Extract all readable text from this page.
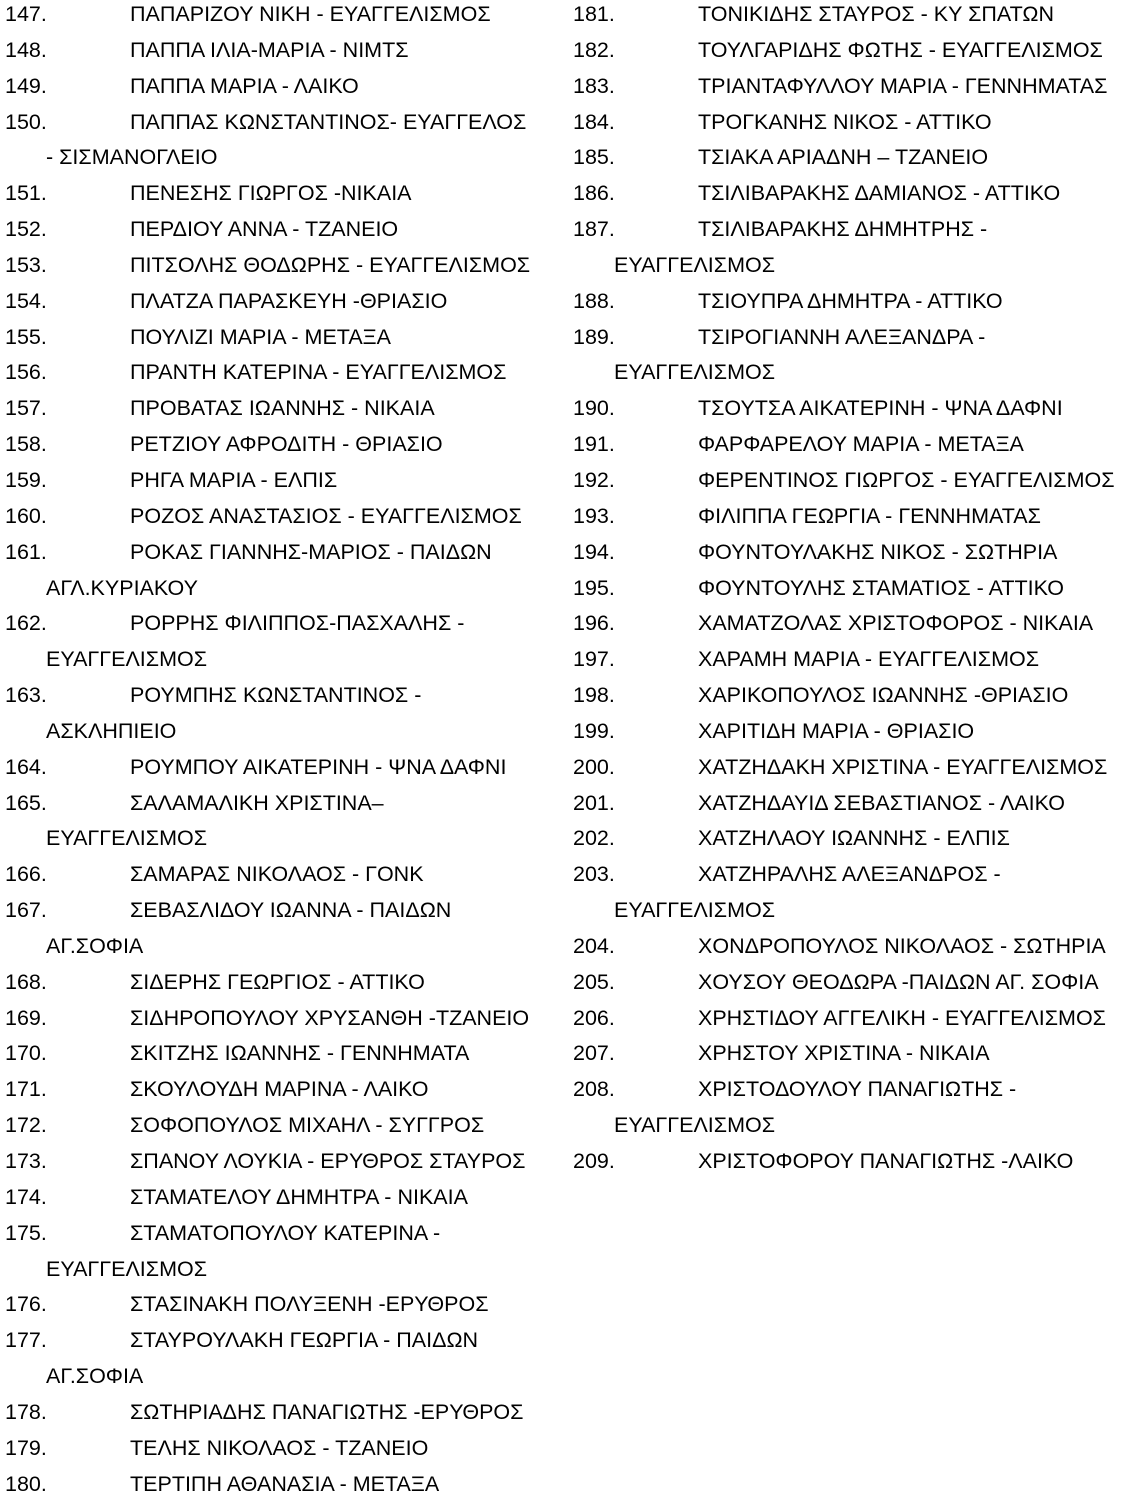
147.	ΠΑΠΑΡΙΖΟΥ ΝΙΚΗ - ΕΥΑΓΓΕΛΙΣΜΟΣ
148.	ΠΑΠΠΑ ΙΛΙΑ-ΜΑΡΙΑ - ΝΙΜΤΣ
149.	ΠΑΠΠΑ ΜΑΡΙΑ - ΛΑΙΚΟ
150.	ΠΑΠΠΑΣ ΚΩΝΣΤΑΝΤΙΝΟΣ- ΕΥΑΓΓΕΛΟΣ
- ΣΙΣΜΑΝΟΓΛΕΙΟ
151.	ΠΕΝΕΣΗΣ ΓΙΩΡΓΟΣ -ΝΙΚΑΙΑ
152.	ΠΕΡΔΙΟΥ ΑΝΝΑ - ΤΖΑΝΕΙΟ
153.	ΠΙΤΣΟΛΗΣ ΘΟΔΩΡΗΣ - ΕΥΑΓΓΕΛΙΣΜΟΣ
154.	ΠΛΑΤΖΑ ΠΑΡΑΣΚΕΥΗ -ΘΡΙΑΣΙΟ
155.	ΠΟΥΛΙΖΙ ΜΑΡΙΑ - ΜΕΤΑΞΑ
156.	ΠΡΑΝΤΗ ΚΑΤΕΡΙΝΑ - ΕΥΑΓΓΕΛΙΣΜΟΣ
157.	ΠΡΟΒΑΤΑΣ ΙΩΑΝΝΗΣ - ΝΙΚΑΙΑ
158.	ΡΕΤΖΙΟΥ ΑΦΡΟΔΙΤΗ - ΘΡΙΑΣΙΟ
159.	ΡΗΓΑ ΜΑΡΙΑ - ΕΛΠΙΣ
160.	ΡΟΖΟΣ ΑΝΑΣΤΑΣΙΟΣ - ΕΥΑΓΓΕΛΙΣΜΟΣ
161.	ΡΟΚΑΣ ΓΙΑΝΝΗΣ-ΜΑΡΙΟΣ - ΠΑΙΔΩΝ
ΑΓΛ.ΚΥΡΙΑΚΟΥ
162.	ΡΟΡΡΗΣ ΦΙΛΙΠΠΟΣ-ΠΑΣΧΑΛΗΣ -
ΕΥΑΓΓΕΛΙΣΜΟΣ
163.	ΡΟΥΜΠΗΣ ΚΩΝΣΤΑΝΤΙΝΟΣ -
ΑΣΚΛΗΠΙΕΙΟ
164.	ΡΟΥΜΠΟΥ ΑΙΚΑΤΕΡΙΝΗ - ΨΝΑ ΔΑΦΝΙ
165.	ΣΑΛΑΜΑΛΙΚΗ ΧΡΙΣΤΙΝΑ–
ΕΥΑΓΓΕΛΙΣΜΟΣ
166.	ΣΑΜΑΡΑΣ ΝΙΚΟΛΑΟΣ - ΓΟΝΚ
167.	ΣΕΒΑΣΛΙΔΟΥ ΙΩΑΝΝΑ - ΠΑΙΔΩΝ
ΑΓ.ΣΟΦΙΑ
168.	ΣΙΔΕΡΗΣ ΓΕΩΡΓΙΟΣ - ΑΤΤΙΚΟ
169.	ΣΙΔΗΡΟΠΟΥΛΟΥ ΧΡΥΣΑΝΘΗ -ΤΖΑΝΕΙΟ
170.	ΣΚΙΤΖΗΣ ΙΩΑΝΝΗΣ - ΓΕΝΝΗΜΑΤΑ
171.	ΣΚΟΥΛΟΥΔΗ ΜΑΡΙΝΑ - ΛΑΙΚΟ
172.	ΣΟΦΟΠΟΥΛΟΣ ΜΙΧΑΗΛ - ΣΥΓΓΡΟΣ
173.	ΣΠΑΝΟΥ ΛΟΥΚΙΑ - ΕΡΥΘΡΟΣ ΣΤΑΥΡΟΣ
174.	ΣΤΑΜΑΤΕΛΟΥ ΔΗΜΗΤΡΑ - ΝΙΚΑΙΑ
175.	ΣΤΑΜΑΤΟΠΟΥΛΟΥ ΚΑΤΕΡΙΝΑ -
ΕΥΑΓΓΕΛΙΣΜΟΣ
176.	ΣΤΑΣΙΝΑΚΗ ΠΟΛΥΞΕΝΗ -ΕΡΥΘΡΟΣ
177.	ΣΤΑΥΡΟΥΛΑΚΗ ΓΕΩΡΓΙΑ - ΠΑΙΔΩΝ
ΑΓ.ΣΟΦΙΑ
178.	ΣΩΤΗΡΙΑΔΗΣ ΠΑΝΑΓΙΩΤΗΣ -ΕΡΥΘΡΟΣ
179.	ΤΕΛΗΣ ΝΙΚΟΛΑΟΣ - ΤΖΑΝΕΙΟ
180.	ΤΕΡΤΙΠΗ ΑΘΑΝΑΣΙΑ - ΜΕΤΑΞΑ
181.	ΤΟΝΙΚΙΔΗΣ ΣΤΑΥΡΟΣ - ΚΥ ΣΠΑΤΩΝ
182.	ΤΟΥΛΓΑΡΙΔΗΣ ΦΩΤΗΣ - ΕΥΑΓΓΕΛΙΣΜΟΣ
183.	ΤΡΙΑΝΤΑΦΥΛΛΟΥ ΜΑΡΙΑ - ΓΕΝΝΗΜΑΤΑΣ
184.	ΤΡΟΓΚΑΝΗΣ ΝΙΚΟΣ - ΑΤΤΙΚΟ
185.	ΤΣΙΑΚΑ ΑΡΙΑΔΝΗ – ΤΖΑΝΕΙΟ
186.	ΤΣΙΛΙΒΑΡΑΚΗΣ ΔΑΜΙΑΝΟΣ - ΑΤΤΙΚΟ
187.	ΤΣΙΛΙΒΑΡΑΚΗΣ ΔΗΜΗΤΡΗΣ -
ΕΥΑΓΓΕΛΙΣΜΟΣ
188.	ΤΣΙΟΥΠΡΑ ΔΗΜΗΤΡΑ - ΑΤΤΙΚΟ
189.	ΤΣΙΡΟΓΙΑΝΝΗ ΑΛΕΞΑΝΔΡΑ -
ΕΥΑΓΓΕΛΙΣΜΟΣ
190.	ΤΣΟΥΤΣΑ ΑΙΚΑΤΕΡΙΝΗ - ΨΝΑ ΔΑΦΝΙ
191.	ΦΑΡΦΑΡΕΛΟΥ ΜΑΡΙΑ - ΜΕΤΑΞΑ
192.	ΦΕΡΕΝΤΙΝΟΣ ΓΙΩΡΓΟΣ - ΕΥΑΓΓΕΛΙΣΜΟΣ
193.	ΦΙΛΙΠΠΑ ΓΕΩΡΓΙΑ - ΓΕΝΝΗΜΑΤΑΣ
194.	ΦΟΥΝΤΟΥΛΑΚΗΣ ΝΙΚΟΣ - ΣΩΤΗΡΙΑ
195.	ΦΟΥΝΤΟΥΛΗΣ ΣΤΑΜΑΤΙΟΣ - ΑΤΤΙΚΟ
196.	ΧΑΜΑΤΖΟΛΑΣ ΧΡΙΣΤΟΦΟΡΟΣ - ΝΙΚΑΙΑ
197.	ΧΑΡΑΜΗ ΜΑΡΙΑ - ΕΥΑΓΓΕΛΙΣΜΟΣ
198.	ΧΑΡΙΚΟΠΟΥΛΟΣ ΙΩΑΝΝΗΣ -ΘΡΙΑΣΙΟ
199.	ΧΑΡΙΤΙΔΗ ΜΑΡΙΑ - ΘΡΙΑΣΙΟ
200.	ΧΑΤΖΗΔΑΚΗ ΧΡΙΣΤΙΝΑ - ΕΥΑΓΓΕΛΙΣΜΟΣ
201.	ΧΑΤΖΗΔΑΥΙΔ ΣΕΒΑΣΤΙΑΝΟΣ - ΛΑΙΚΟ
202.	ΧΑΤΖΗΛΑΟΥ ΙΩΑΝΝΗΣ - ΕΛΠΙΣ
203.	ΧΑΤΖΗΡΑΛΗΣ ΑΛΕΞΑΝΔΡΟΣ -
ΕΥΑΓΓΕΛΙΣΜΟΣ
204.	ΧΟΝΔΡΟΠΟΥΛΟΣ ΝΙΚΟΛΑΟΣ - ΣΩΤΗΡΙΑ
205.	ΧΟΥΣΟΥ ΘΕΟΔΩΡΑ -ΠΑΙΔΩΝ ΑΓ. ΣΟΦΙΑ
206.	ΧΡΗΣΤΙΔΟΥ ΑΓΓΕΛΙΚΗ - ΕΥΑΓΓΕΛΙΣΜΟΣ
207.	ΧΡΗΣΤΟΥ ΧΡΙΣΤΙΝΑ - ΝΙΚΑΙΑ
208.	ΧΡΙΣΤΟΔΟΥΛΟΥ ΠΑΝΑΓΙΩΤΗΣ -
ΕΥΑΓΓΕΛΙΣΜΟΣ
209.	ΧΡΙΣΤΟΦΟΡΟΥ ΠΑΝΑΓΙΩΤΗΣ -ΛΑΙΚΟ
